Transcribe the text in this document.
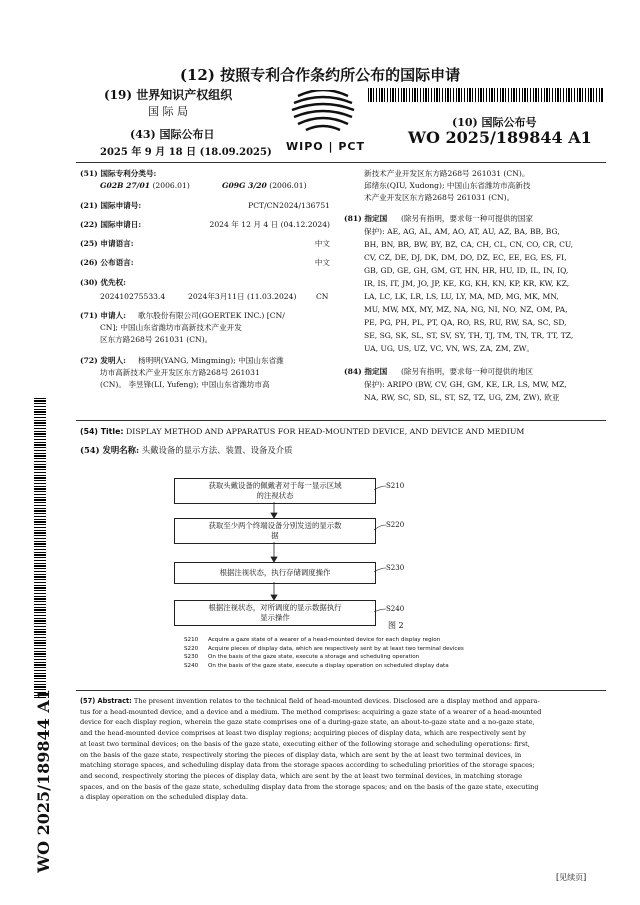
(12) 按照专利合作条约所公布的国际申请
(19) 世界知识产权组织
国 际 局
(43) 国际公布日
2025 年 9 月 18 日 (18.09.2025) WIPO | PCT
(10) 国际公布号
WO 2025/189844 A1
(51) 国际专利分类号:
G02B 27/01 (2006.01)	G09G 3/20 (2006.01)
(21) 国际申请号:	PCT/CN2024/136751
(22) 国际申请日:	2024 年 12 月 4 日 (04.12.2024)
(25) 申请语言:	中文
(26) 公布语言:	中文
(30) 优先权:
202410275533.4	2024年3月11日 (11.03.2024)	CN
(71) 申请人: 歌尔股份有限公司(GOERTEK INC.) [CN/
CN]; 中国山东省潍坊市高新技术产业开发
区东方路268号 261031 (CN)。
(72) 发明人: 杨明明(YANG, Mingming); 中国山东省潍
坊市高新技术产业开发区东方路268号 261031
(CN)。 李昱锋(LI, Yufeng); 中国山东省潍坊市高
新技术产业开发区东方路268号 261031 (CN)。
邱绪东(QIU, Xudong); 中国山东省潍坊市高新技
术产业开发区东方路268号 261031 (CN)。
(81) 指定国 (除另有指明，要求每一种可提供的国家
保护): AE, AG, AL, AM, AO, AT, AU, AZ, BA, BB, BG,
BH, BN, BR, BW, BY, BZ, CA, CH, CL, CN, CO, CR, CU,
CV, CZ, DE, DJ, DK, DM, DO, DZ, EC, EE, EG, ES, FI,
GB, GD, GE, GH, GM, GT, HN, HR, HU, ID, IL, IN, IQ,
IR, IS, IT, JM, JO, JP, KE, KG, KH, KN, KP, KR, KW, KZ,
LA, LC, LK, LR, LS, LU, LY, MA, MD, MG, MK, MN,
MU, MW, MX, MY, MZ, NA, NG, NI, NO, NZ, OM, PA,
PE, PG, PH, PL, PT, QA, RO, RS, RU, RW, SA, SC, SD,
SE, SG, SK, SL, ST, SV, SY, TH, TJ, TM, TN, TR, TT, TZ,
UA, UG, US, UZ, VC, VN, WS, ZA, ZM, ZW。
(84) 指定国 (除另有指明，要求每一种可提供的地区
保护): ARIPO (BW, CV, GH, GM, KE, LR, LS, MW, MZ,
NA, RW, SC, SD, SL, ST, SZ, TZ, UG, ZM, ZW), 欧亚
(54) Title: DISPLAY METHOD AND APPARATUS FOR HEAD-MOUNTED DEVICE, AND DEVICE AND MEDIUM
(54) 发明名称: 头戴设备的显示方法、装置、设备及介质
获取头戴设备的佩戴者对于每一显示区域
的注视状态
S210
获取至少两个终端设备分别发送的显示数
据
S220
根据注视状态，执行存储调度操作	S230
根据注视状态，对所调度的显示数据执行
显示操作
S240
图 2
S210 Acquire a gaze state of a wearer of a head-mounted device for each display region
S220 Acquire pieces of display data, which are respectively sent by at least two terminal devices
S230 On the basis of the gaze state, execute a storage and scheduling operation
S240 On the basis of the gaze state, execute a display operation on scheduled display data
(57) Abstract: The present invention relates to the technical field of head-mounted devices. Disclosed are a display method and appara-
tus for a head-mounted device, and a device and a medium. The method comprises: acquiring a gaze state of a wearer of a head-mounted
device for each display region, wherein the gaze state comprises one of a during-gaze state, an about-to-gaze state and a no-gaze state,
and the head-mounted device comprises at least two display regions; acquiring pieces of display data, which are respectively sent by
at least two terminal devices; on the basis of the gaze state, executing either of the following storage and scheduling operations: first,
on the basis of the gaze state, respectively storing the pieces of display data, which are sent by the at least two terminal devices, in
matching storage spaces, and scheduling display data from the storage spaces according to scheduling priorities of the storage spaces;
and second, respectively storing the pieces of display data, which are sent by the at least two terminal devices, in matching storage
spaces, and on the basis of the gaze state, scheduling display data from the storage spaces; and on the basis of the gaze state, executing
a display operation on the scheduled display data.
WO 2025/189844 A1
[见续页]
